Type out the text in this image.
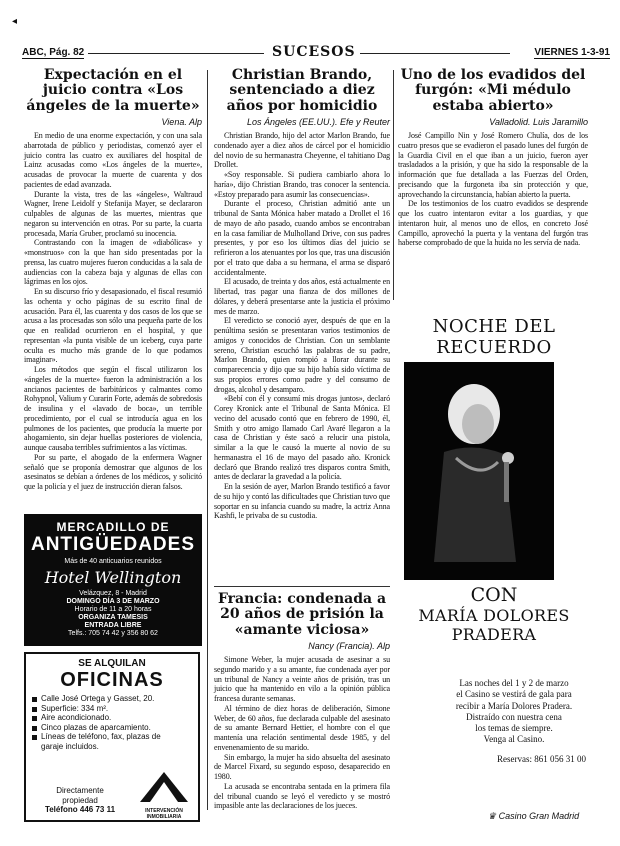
◂
ABC, Pág. 82	SUCESOS	VIERNES 1-3-91
Expectación en el juicio contra «Los ángeles de la muerte»
Viena. Alp

En medio de una enorme expectación, y con una sala abarrotada de público y periodistas, comenzó ayer el juicio contra las cuatro ex auxiliares del hospital de Lainz acusadas como «Los ángeles de la muerte», acusadas de provocar la muerte de cuarenta y dos pacientes de edad avanzada.

Durante la vista, tres de las «ángeles», Waltraud Wagner, Irene Leidolf y Stefanija Mayer, se declararon culpables de algunas de las muertes, mientras que negaron su intervención en otras. Por su parte, la cuarta procesada, María Gruber, proclamó su inocencia.

Contrastando con la imagen de «diabólicas» y «monstruos» con la que han sido presentadas por la prensa, las cuatro mujeres fueron conducidas a la sala de audiencias con la cabeza baja y algunas de ellas con lágrimas en los ojos.

En su discurso frío y desapasionado, el fiscal resumió las ochenta y ocho páginas de su escrito final de acusación. Para él, las cuarenta y dos casos de los que se acusa a las procesadas son sólo una pequeña parte de los que en realidad ocurrieron en el hospital, y que representan «la punta visible de un iceberg, cuya parte oculta es mucho más grande de lo que podamos imaginar».

Los métodos que según el fiscal utilizaron los «ángeles de la muerte» fueron la administración a los ancianos pacientes de barbitúricos y calmantes como Rohypnol, Valium y Curarin Forte, además de sobredosis de insulina y el «lavado de boca», un terrible procedimiento, por el cual se introducía agua en los pulmones de los pacientes, que producía la muerte por ahogamiento, sin dejar huellas posteriores de violencia, aunque causaba terribles sufrimientos a las víctimas.

Por su parte, el abogado de la enfermera Wagner señaló que se proponía demostrar que algunos de los asesinatos se debían a órdenes de los médicos, y solicitó que la policía y el juez de instrucción dieran falsos.

MERCADILLO DE
ANTIGÜEDADES
Más de 40 anticuarios reunidos
Hotel Wellington
Velázquez, 8 - Madrid
DOMINGO DÍA 3 DE MARZO
Horario de 11 a 20 horas
ORGANIZA TAMESIS
ENTRADA LIBRE
Telfs.: 705 74 42 y 356 80 62
SE ALQUILAN
OFICINAS
Calle José Ortega y Gasset, 20.
Superficie: 334 m².
Aire acondicionado.
Cinco plazas de aparcamiento.
Líneas de teléfono, fax, plazas de garaje incluidos.
Directamente
propiedad
Teléfono 446 73 11	INTERVENCIÓN INMOBILIARIA
Christian Brando, sentenciado a diez años por homicidio
Los Ángeles (EE.UU.). Efe y Reuter

Christian Brando, hijo del actor Marlon Brando, fue condenado ayer a diez años de cárcel por el homicidio del novio de su hermanastra Cheyenne, el tahitiano Dag Drollet.

«Soy responsable. Si pudiera cambiarlo ahora lo haría», dijo Christian Brando, tras conocer la sentencia. «Estoy preparado para asumir las consecuencias».

Durante el proceso, Christian admitió ante un tribunal de Santa Mónica haber matado a Drollet el 16 de mayo de año pasado, cuando ambos se encontraban en la casa familiar de Mulholland Drive, con sus padres presentes, y por eso los últimos días del juicio se refirieron a los atenuantes por los que, tras una discusión por el trato que daba a su hermana, el arma se disparó accidentalmente.

El acusado, de treinta y dos años, está actualmente en libertad, tras pagar una fianza de dos millones de dólares, y deberá presentarse ante la justicia el próximo mes de marzo.

El veredicto se conoció ayer, después de que en la penúltima sesión se presentaran varios testimonios de amigos y conocidos de Christian. Con un semblante sereno, Christian escuchó las palabras de su padre, Marlon Brando, quien rompió a llorar durante su comparecencia y dijo que su hijo había sido víctima de sus propios errores como padre y del consumo de drogas, alcohol y desamparo.

«Bebí con él y consumí mis drogas juntos», declaró Corey Kronick ante el Tribunal de Santa Mónica. El vecino del acusado contó que en febrero de 1990, él, Smith y otro amigo llamado Carl Avaré llegaron a la casa de Christian y éste sacó a relucir una pistola, similar a la que le causó la muerte al novio de su hermanastra el 16 de mayo del pasado año. Kronick declaró que Brando realizó tres disparos contra Smith, antes de declarar la gravedad a la policía.

En la sesión de ayer, Marlon Brando testificó a favor de su hijo y contó las dificultades que Christian tuvo que soportar en su infancia cuando su madre, la actriz Anna Kashfi, le privaba de su custodia.

Francia: condenada a 20 años de prisión la «amante viciosa»
Nancy (Francia). Alp

Simone Weber, la mujer acusada de asesinar a su segundo marido y a su amante, fue condenada ayer por un tribunal de Nancy a veinte años de prisión, tras un juicio que ha mantenido en vilo a la opinión pública francesa durante semanas.

Al término de diez horas de deliberación, Simone Weber, de 60 años, fue declarada culpable del asesinato de su amante Bernard Hettier, el hombre con el que mantenía una relación sentimental desde 1985, y del envenenamiento de su marido.

Sin embargo, la mujer ha sido absuelta del asesinato de Marcel Fixard, su segundo esposo, desaparecido en 1980.

La acusada se encontraba sentada en la primera fila del tribunal cuando se leyó el veredicto y se mostró impasible ante las declaraciones de los jueces.

Uno de los evadidos del furgón: «Mi médulo estaba abierto»
Valladolid. Luis Jaramillo

José Campillo Nin y José Romero Chulía, dos de los cuatro presos que se evadieron el pasado lunes del furgón de la Guardia Civil en el que iban a un juicio, fueron ayer trasladados a la prisión, y que ha sido la responsable de la información que fue detallada a las Fuerzas del Orden, precisando que la furgoneta iba sin protección y que, aprovechando la circunstancia, habían abierto la puerta.

De los testimonios de los cuatro evadidos se desprende que los cuatro intentaron evitar a los guardias, y que intentaron huir, al menos uno de ellos, en concreto José Campillo, aprovechó la puerta y la ventana del furgón tras haberse comprobado de que la huida no les servía de nada.

NOCHE DEL RECUERDO
CON
MARÍA DOLORES PRADERA
Las noches del 1 y 2 de marzo
el Casino se vestirá de gala para
recibir a María Dolores Pradera.
Distraído con nuestra cena
los temas de siempre.
Venga al Casino.
Reservas: 861 056 31 00
♛ Casino Gran Madrid
